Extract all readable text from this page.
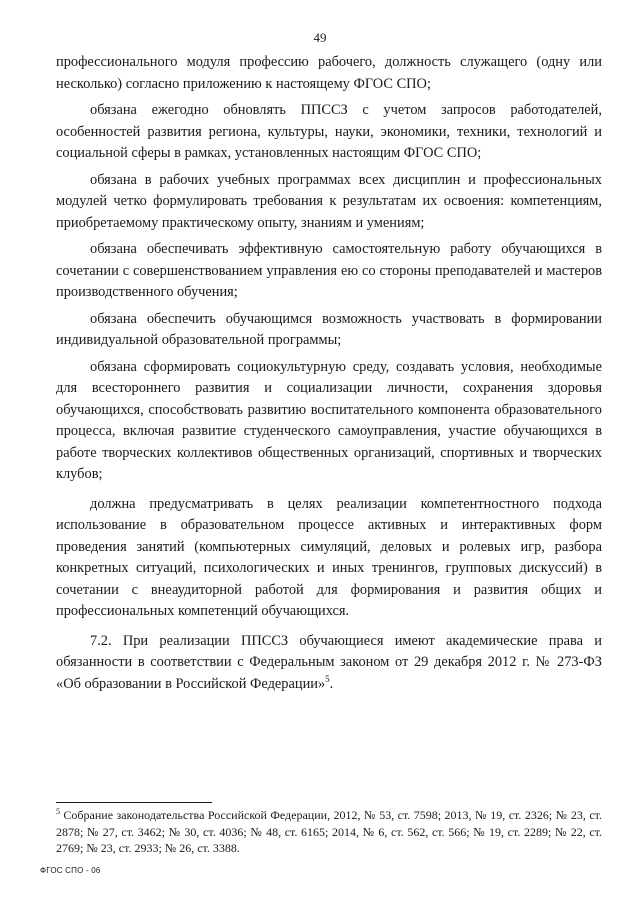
49

профессионального модуля профессию рабочего, должность служащего (одну или несколько) согласно приложению к настоящему ФГОС СПО;

обязана ежегодно обновлять ППССЗ с учетом запросов работодателей, особенностей развития региона, культуры, науки, экономики, техники, технологий и социальной сферы в рамках, установленных настоящим ФГОС СПО;

обязана в рабочих учебных программах всех дисциплин и профессиональных модулей четко формулировать требования к результатам их освоения: компетенциям, приобретаемому практическому опыту, знаниям и умениям;

обязана обеспечивать эффективную самостоятельную работу обучающихся в сочетании с совершенствованием управления ею со стороны преподавателей и мастеров производственного обучения;

обязана обеспечить обучающимся возможность участвовать в формировании индивидуальной образовательной программы;

обязана сформировать социокультурную среду, создавать условия, необходимые для всестороннего развития и социализации личности, сохранения здоровья обучающихся, способствовать развитию воспитательного компонента образовательного процесса, включая развитие студенческого самоуправления, участие обучающихся в работе творческих коллективов общественных организаций, спортивных и творческих клубов;

должна предусматривать в целях реализации компетентностного подхода использование в образовательном процессе активных и интерактивных форм проведения занятий (компьютерных симуляций, деловых и ролевых игр, разбора конкретных ситуаций, психологических и иных тренингов, групповых дискуссий) в сочетании с внеаудиторной работой для формирования и развития общих и профессиональных компетенций обучающихся.

7.2. При реализации ППССЗ обучающиеся имеют академические права и обязанности в соответствии с Федеральным законом от 29 декабря 2012 г. № 273-ФЗ «Об образовании в Российской Федерации»$^5$.

$^5$ Собрание законодательства Российской Федерации, 2012, № 53, ст. 7598; 2013, № 19, ст. 2326; № 23, ст. 2878; № 27, ст. 3462; № 30, ст. 4036; № 48, ст. 6165; 2014, № 6, ст. 562, ст. 566; № 19, ст. 2289; № 22, ст. 2769; № 23, ст. 2933; № 26, ст. 3388.

ФГОС СПО - 06
